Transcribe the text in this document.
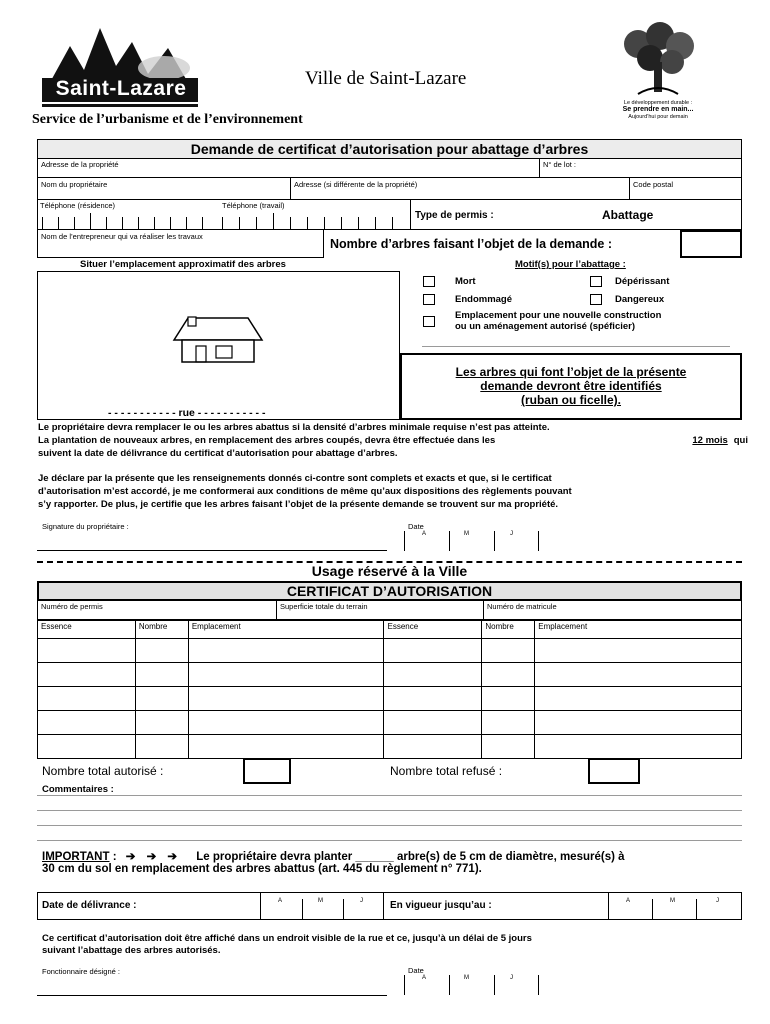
Saint-Lazare	Ville de Saint-Lazare
Service de l’urbanisme et de l’environnement
Le développement durable :
Se prendre en main...
Aujourd’hui pour demain
Demande de certificat d’autorisation pour abattage d’arbres
Adresse de la propriété	N° de lot :
Nom du propriétaire	Adresse (si différente de la propriété)	Code postal
Téléphone (résidence)	Téléphone (travail)
Type de permis :	Abattage
Nom de l’entrepreneur qui va réaliser les travaux
Nombre d’arbres faisant l’objet de la demande :
Situer l’emplacement approximatif des arbres
- - - - - - - - - - - rue - - - - - - - - - - -
Motif(s) pour l’abattage :
Mort	Dépérissant
Endommagé	Dangereux
Emplacement pour une nouvelle construction
ou un aménagement autorisé (spéficier)
Les arbres qui font l’objet de la présente
demande devront être identifiés
(ruban ou ficelle).
Le propriétaire devra remplacer le ou les arbres abattus si la densité d’arbres minimale requise n’est pas atteinte.
La plantation de nouveaux arbres, en remplacement des arbres coupés, devra être effectuée dans les	12 mois qui
suivent la date de délivrance du certificat d’autorisation pour abattage d’arbres.
Je déclare par la présente que les renseignements donnés ci-contre sont complets et exacts et que, si le certificat
d’autorisation m’est accordé, je me conformerai aux conditions de même qu’aux dispositions des règlements pouvant
s’y rapporter. De plus, je certifie que les arbres faisant l’objet de la présente demande se trouvent sur ma propriété.
Signature du propriétaire :	Date
A	M	J
Usage réservé à la Ville
CERTIFICAT D’AUTORISATION
Numéro de permis	Superficie totale du terrain	Numéro de matricule
Essence	Nombre	Emplacement	Essence	Nombre	Emplacement

Nombre total autorisé :	Nombre total refusé :
Commentaires :
IMPORTANT : ➔ ➔ ➔ Le propriétaire devra planter ______ arbre(s) de 5 cm de diamètre, mesuré(s) à
30 cm du sol en remplacement des arbres abattus (art. 445 du règlement n° 771).
Date de délivrance :	A	M	J	En vigueur jusqu’au :	A	M	J
Ce certificat d’autorisation doit être affiché dans un endroit visible de la rue et ce, jusqu’à un délai de 5 jours
suivant l’abattage des arbres autorisés.
Fonctionnaire désigné :	Date
A	M	J
